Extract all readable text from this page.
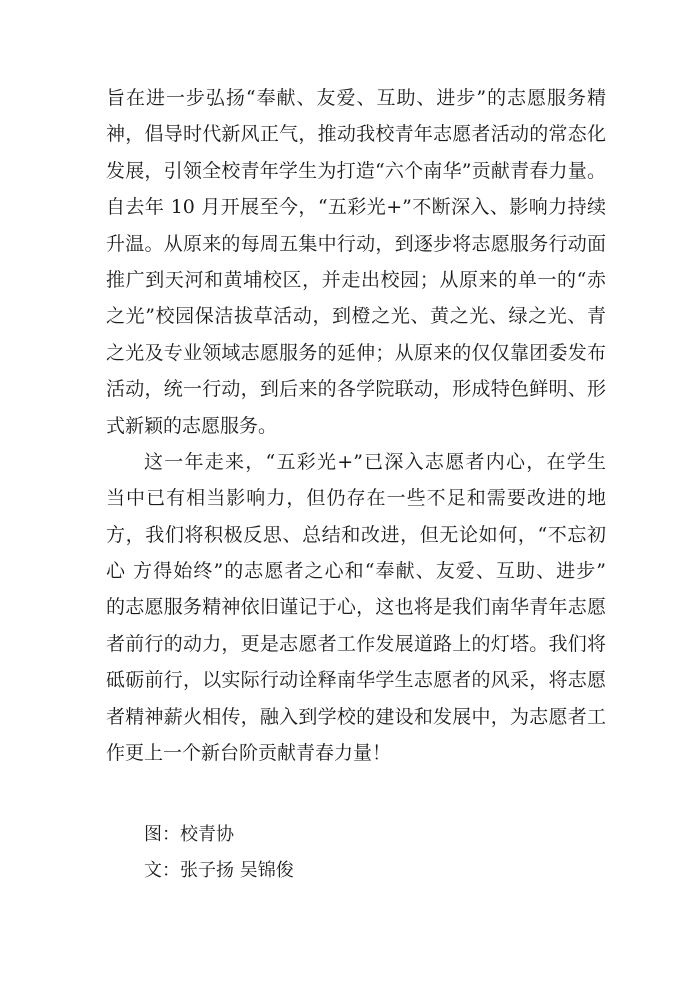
旨在进一步弘扬“奉献、友爱、互助、进步”的志愿服务精
神，倡导时代新风正气，推动我校青年志愿者活动的常态化
发展，引领全校青年学生为打造“六个南华”贡献青春力量。
自去年 10 月开展至今，“五彩光+”不断深入、影响力持续
升温。从原来的每周五集中行动，到逐步将志愿服务行动面
推广到天河和黄埔校区，并走出校园；从原来的单一的“赤
之光”校园保洁拔草活动，到橙之光、黄之光、绿之光、青
之光及专业领域志愿服务的延伸；从原来的仅仅靠团委发布
活动，统一行动，到后来的各学院联动，形成特色鲜明、形
式新颖的志愿服务。
这一年走来，“五彩光+”已深入志愿者内心，在学生
当中已有相当影响力，但仍存在一些不足和需要改进的地
方，我们将积极反思、总结和改进，但无论如何，“不忘初
心 方得始终”的志愿者之心和“奉献、友爱、互助、进步”
的志愿服务精神依旧谨记于心，这也将是我们南华青年志愿
者前行的动力，更是志愿者工作发展道路上的灯塔。我们将
砥砺前行，以实际行动诠释南华学生志愿者的风采，将志愿
者精神薪火相传，融入到学校的建设和发展中，为志愿者工
作更上一个新台阶贡献青春力量！
图：校青协
文：张子扬 吴锦俊
